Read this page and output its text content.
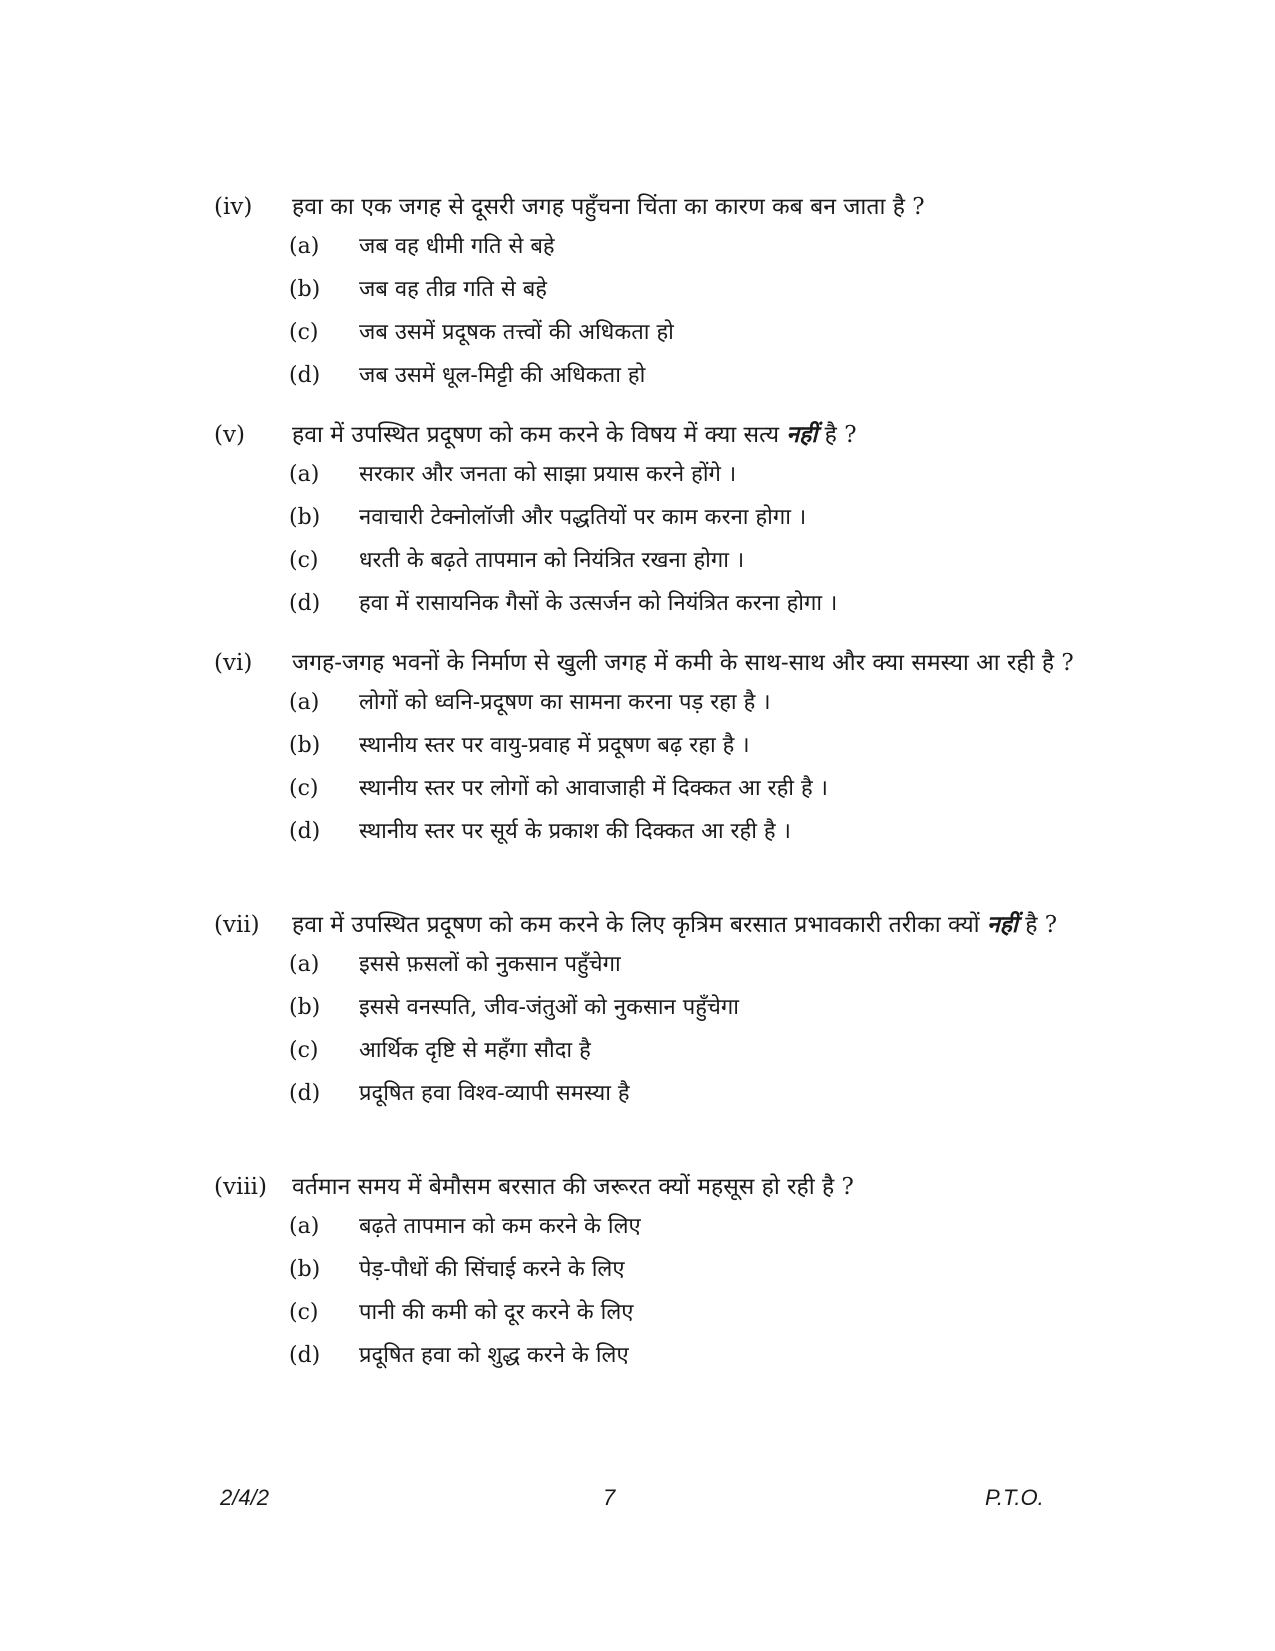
(iv)	हवा का एक जगह से दूसरी जगह पहुँचना चिंता का कारण कब बन जाता है ?
(a)	जब वह धीमी गति से बहे
(b)	जब वह तीव्र गति से बहे
(c)	जब उसमें प्रदूषक तत्त्वों की अधिकता हो
(d)	जब उसमें धूल-मिट्टी की अधिकता हो
(v)	हवा में उपस्थित प्रदूषण को कम करने के विषय में क्या सत्य नहीं है ?
(a)	सरकार और जनता को साझा प्रयास करने होंगे ।
(b)	नवाचारी टेक्नोलॉजी और पद्धतियों पर काम करना होगा ।
(c)	धरती के बढ़ते तापमान को नियंत्रित रखना होगा ।
(d)	हवा में रासायनिक गैसों के उत्सर्जन को नियंत्रित करना होगा ।
(vi)	जगह-जगह भवनों के निर्माण से खुली जगह में कमी के साथ-साथ और क्या समस्या आ रही है ?
(a)	लोगों को ध्वनि-प्रदूषण का सामना करना पड़ रहा है ।
(b)	स्थानीय स्तर पर वायु-प्रवाह में प्रदूषण बढ़ रहा है ।
(c)	स्थानीय स्तर पर लोगों को आवाजाही में दिक्कत आ रही है ।
(d)	स्थानीय स्तर पर सूर्य के प्रकाश की दिक्कत आ रही है ।
(vii)	हवा में उपस्थित प्रदूषण को कम करने के लिए कृत्रिम बरसात प्रभावकारी तरीका क्यों नहीं है ?
(a)	इससे फ़सलों को नुकसान पहुँचेगा
(b)	इससे वनस्पति, जीव-जंतुओं को नुकसान पहुँचेगा
(c)	आर्थिक दृष्टि से महँगा सौदा है
(d)	प्रदूषित हवा विश्व-व्यापी समस्या है
(viii)	वर्तमान समय में बेमौसम बरसात की जरूरत क्यों महसूस हो रही है ?
(a)	बढ़ते तापमान को कम करने के लिए
(b)	पेड़-पौधों की सिंचाई करने के लिए
(c)	पानी की कमी को दूर करने के लिए
(d)	प्रदूषित हवा को शुद्ध करने के लिए
2/4/2	7	P.T.O.
